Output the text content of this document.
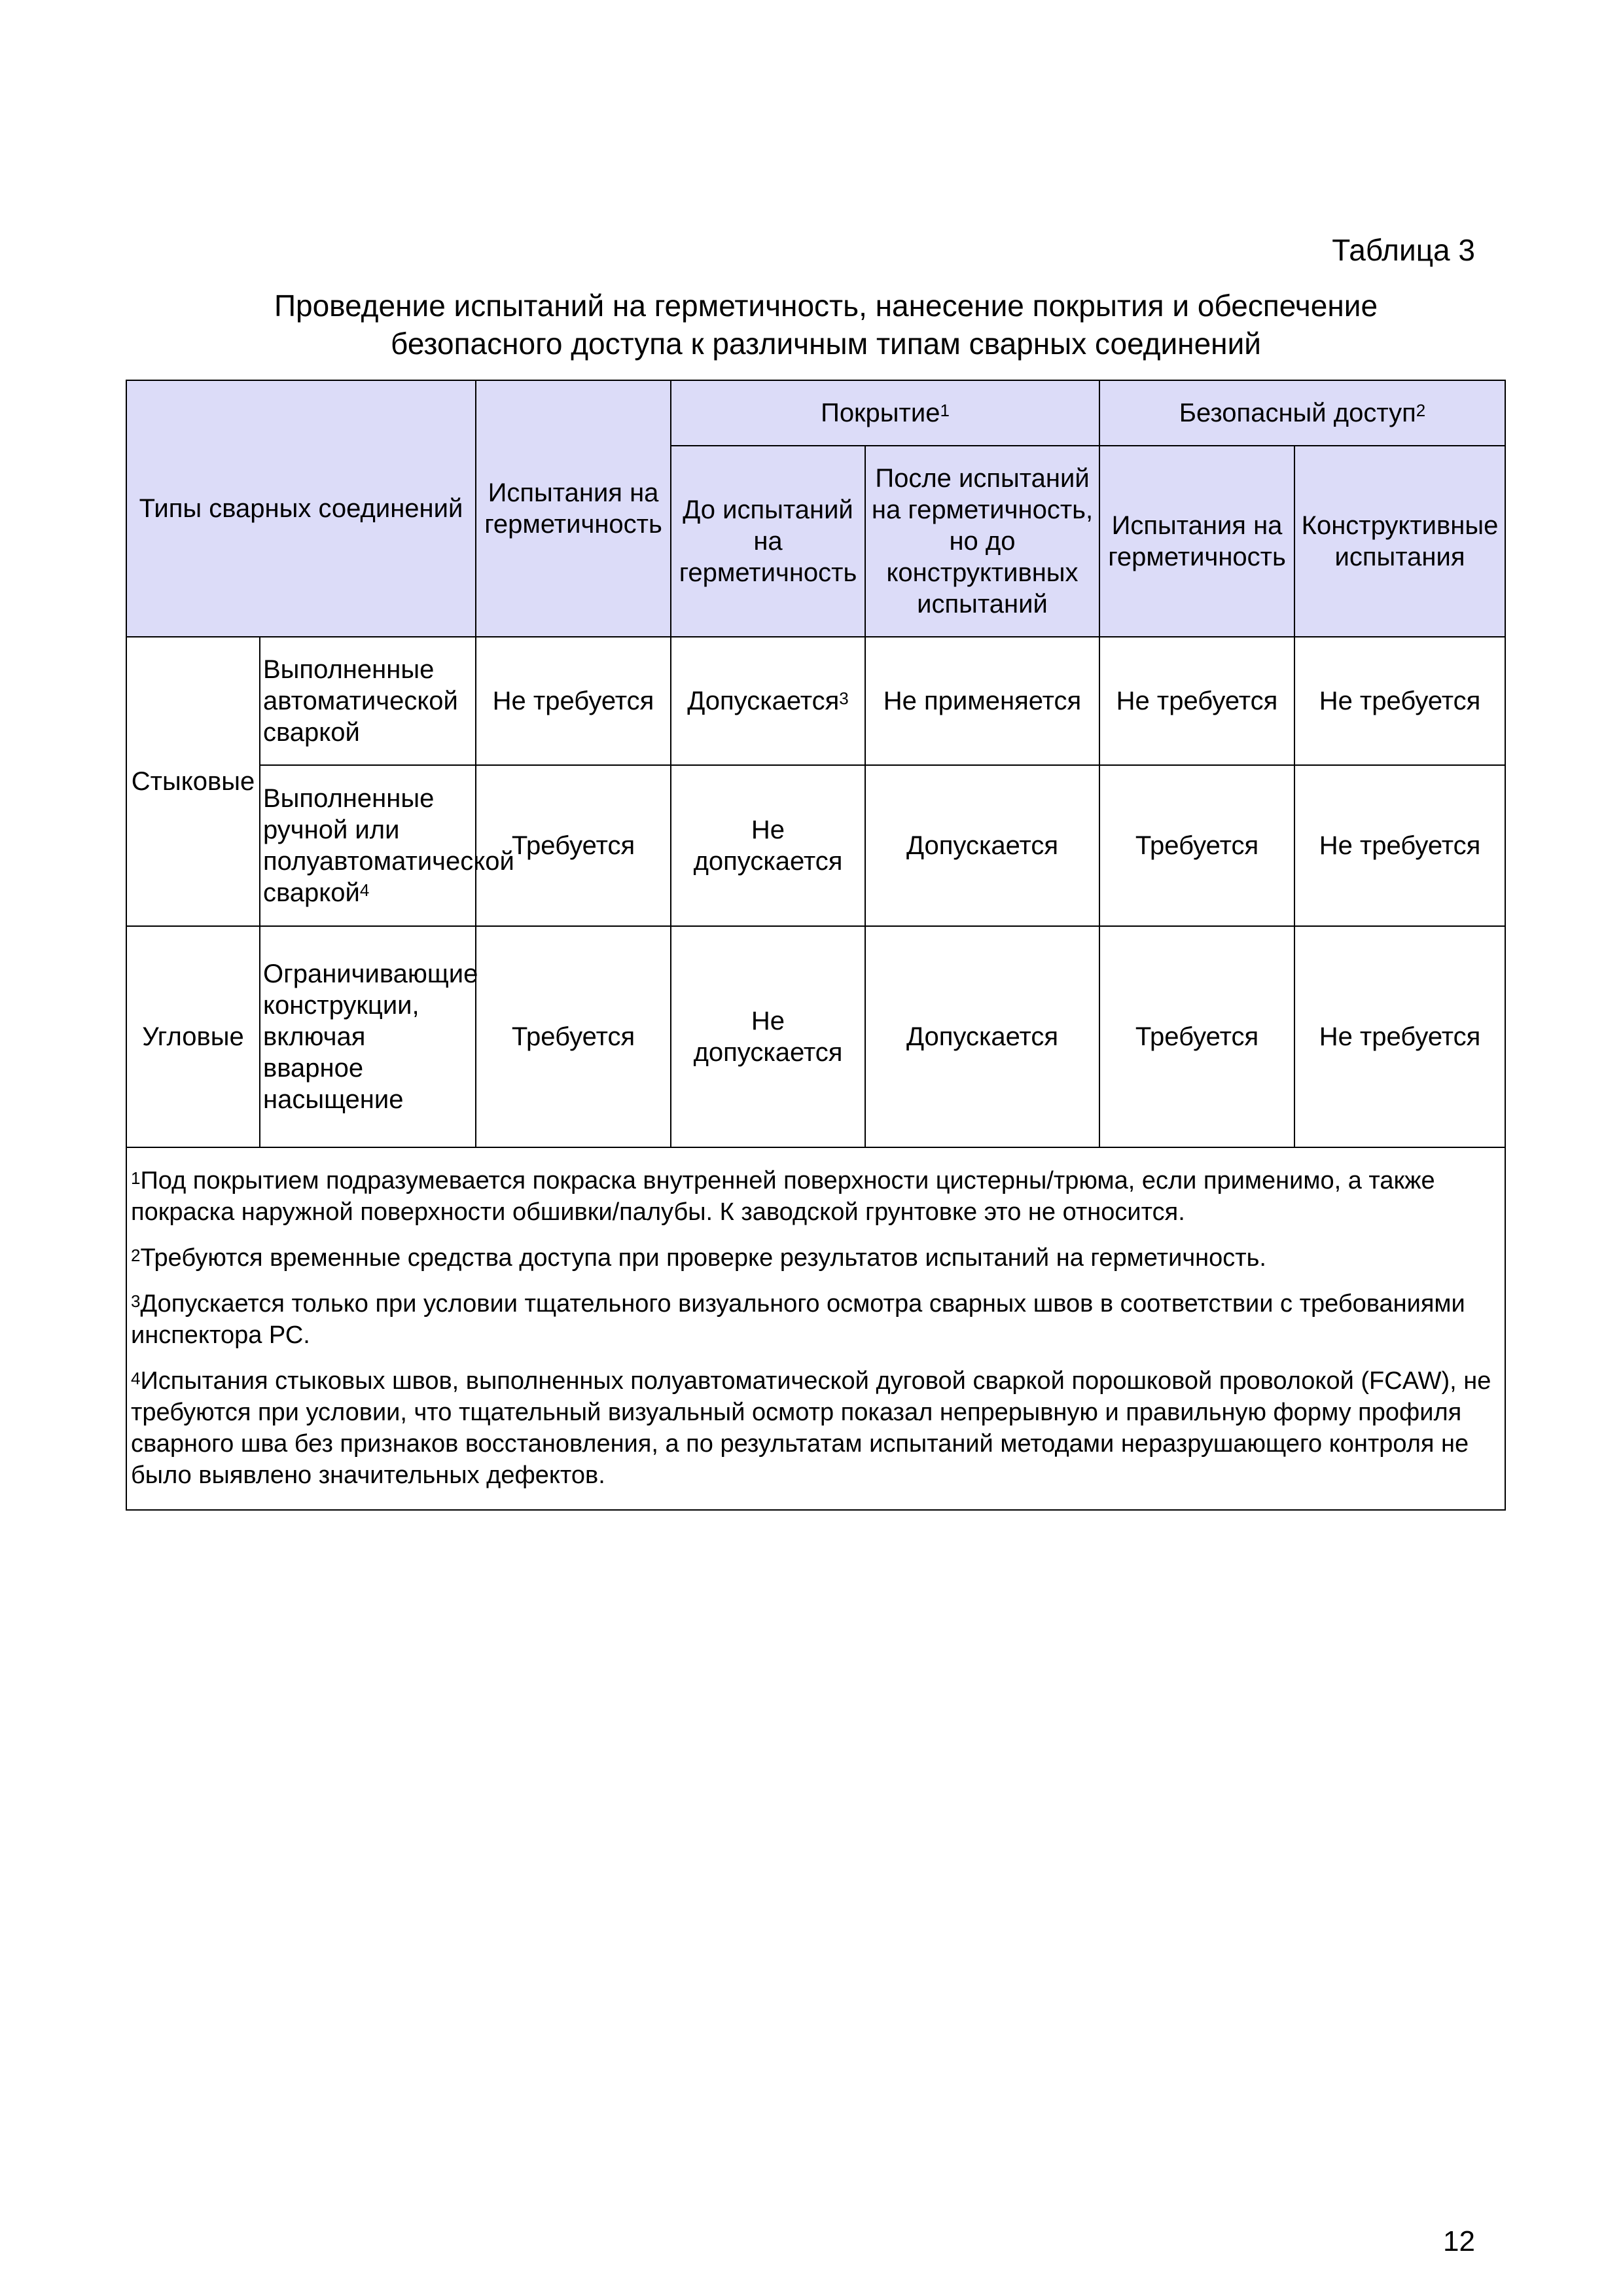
Таблица 3
Проведение испытаний на герметичность, нанесение покрытия и обеспечение
безопасного доступа к различным типам сварных соединений
Типы сварных соединений		Испытания на герметичность	Покрытие$^1$		Безопасный доступ$^2$
			До испытаний на герметичность	После испытаний на герметичность, но до конструктивных испытаний	Испытания на герметичность	Конструктивные испытания
Стыковые	Выполненные автоматической сваркой	Не требуется	Допускается$^3$	Не применяется	Не требуется	Не требуется
	Выполненные ручной или полуавтоматической сваркой$^4$	Требуется	Не допускается	Допускается	Требуется	Не требуется
Угловые	Ограничивающие конструкции, включая вварное насыщение	Требуется	Не допускается	Допускается	Требуется	Не требуется

$^1$Под покрытием подразумевается покраска внутренней поверхности цистерны/трюма, если применимо, а также покраска наружной поверхности обшивки/палубы. К заводской грунтовке это не относится.
$^2$Требуются временные средства доступа при проверке результатов испытаний на герметичность.
$^3$Допускается только при условии тщательного визуального осмотра сварных швов в соответствии с требованиями инспектора РС.
$^4$Испытания стыковых швов, выполненных полуавтоматической дуговой сваркой порошковой проволокой (FCAW), не требуются при условии, что тщательный визуальный осмотр показал непрерывную и правильную форму профиля сварного шва без признаков восстановления, а по результатам испытаний методами неразрушающего контроля не было выявлено значительных дефектов.						
12
